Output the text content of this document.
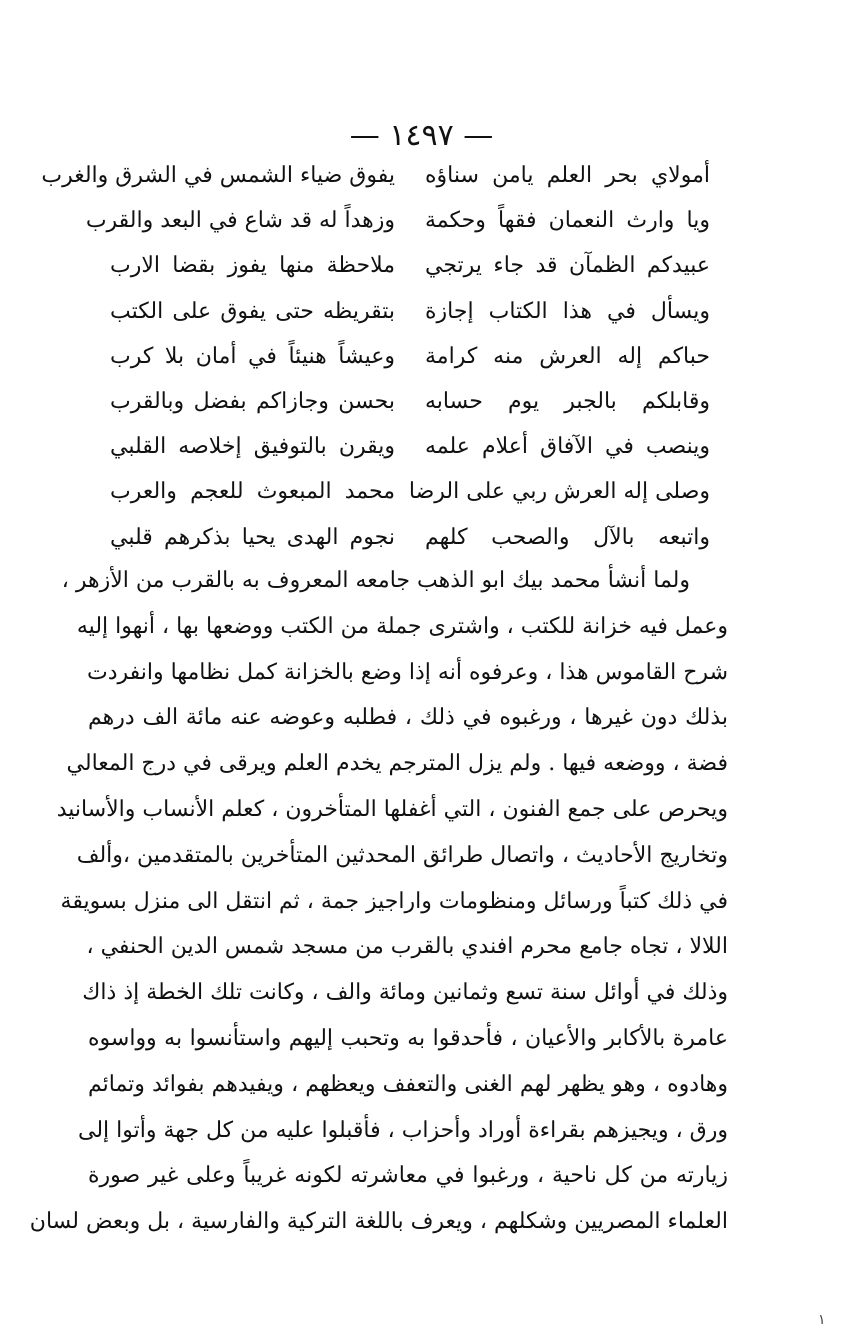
— ١٤٩٧ —
أمولاي بحر العلم يامن سناؤه
يفوق ضياء الشمس في الشرق والغرب
ويا وارث النعمان فقهاً وحكمة
وزهداً له قد شاع في البعد والقرب
عبيدكم الظمآن قد جاء يرتجي
ملاحظة منها يفوز بقضا الارب
ويسأل في هذا الكتاب إجازة
بتقريظه حتى يفوق على الكتب
حباكم إله العرش منه كرامة
وعيشاً هنيئاً في أمان بلا كرب
وقابلكم بالجبر يوم حسابه
بحسن وجازاكم بفضل وبالقرب
وينصب في الآفاق أعلام علمه
ويقرن بالتوفيق إخلاصه القلبي
وصلى إله العرش ربي على الرضا
محمد المبعوث للعجم والعرب
واتبعه بالآل والصحب كلهم
نجوم الهدى يحيا بذكرهم قلبي
ولما أنشأ محمد بيك ابو الذهب جامعه المعروف به بالقرب من الأزهر ،
وعمل فيه خزانة للكتب ، واشترى جملة من الكتب ووضعها بها ، أنهوا إليه
شرح القاموس هذا ، وعرفوه أنه إذا وضع بالخزانة كمل نظامها وانفردت
بذلك دون غيرها ، ورغبوه في ذلك ، فطلبه وعوضه عنه مائة الف درهم
فضة ، ووضعه فيها . ولم يزل المترجم يخدم العلم ويرقى في درج المعالي
ويحرص على جمع الفنون ، التي أغفلها المتأخرون ، كعلم الأنساب والأسانيد
وتخاريج الأحاديث ، واتصال طرائق المحدثين المتأخرين بالمتقدمين ،وألف
في ذلك كتباً ورسائل ومنظومات واراجيز جمة ، ثم انتقل الى منزل بسويقة
اللالا ، تجاه جامع محرم افندي بالقرب من مسجد شمس الدين الحنفي ،
وذلك في أوائل سنة تسع وثمانين ومائة والف ، وكانت تلك الخطة إذ ذاك
عامرة بالأكابر والأعيان ، فأحدقوا به وتحبب إليهم واستأنسوا به وواسوه
وهادوه ، وهو يظهر لهم الغنى والتعفف ويعظهم ، ويفيدهم بفوائد وتمائم
ورق ، ويجيزهم بقراءة أوراد وأحزاب ، فأقبلوا عليه من كل جهة وأتوا إلى
زيارته من كل ناحية ، ورغبوا في معاشرته لكونه غريباً وعلى غير صورة
العلماء المصريين وشكلهم ، ويعرف باللغة التركية والفارسية ، بل وبعض لسان
١
